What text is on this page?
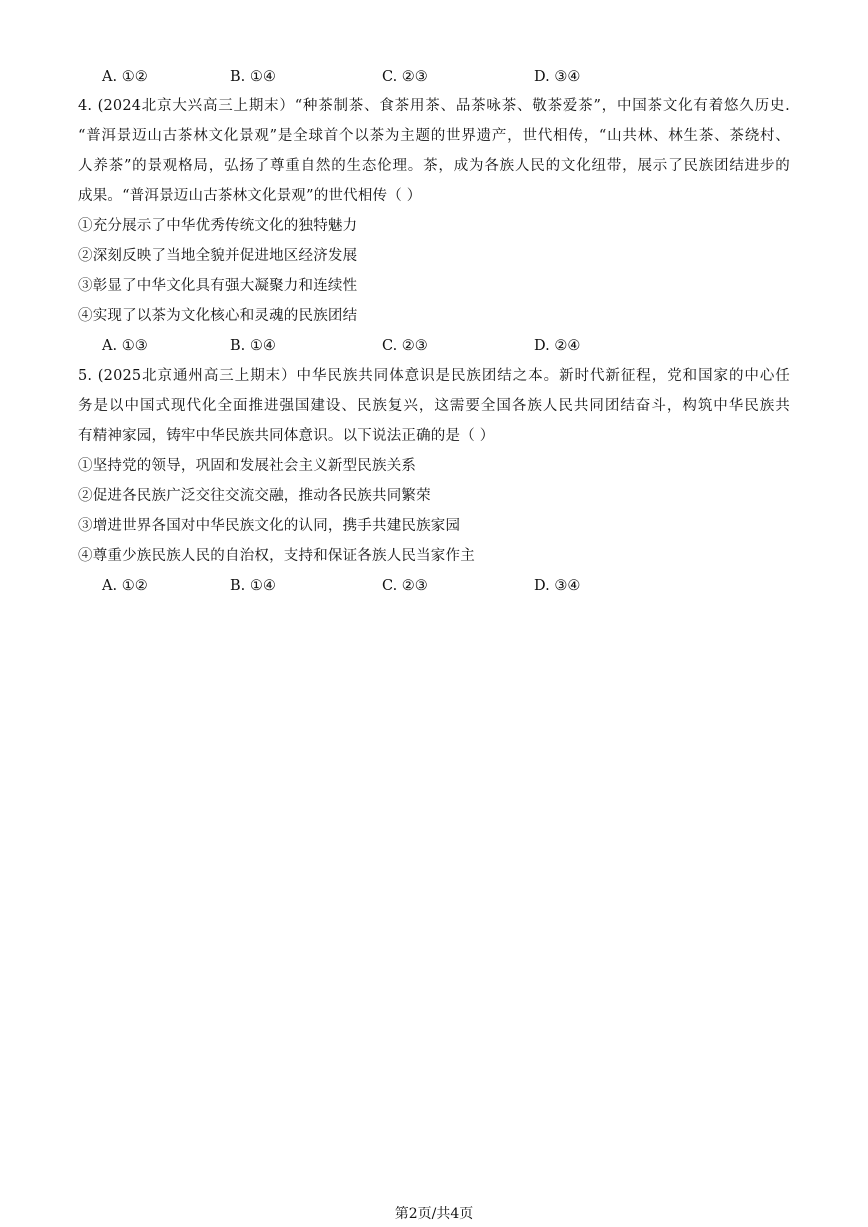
A. ①②	B. ①④	C. ②③	D. ③④
4. (2024北京大兴高三上期末）“种茶制茶、食茶用茶、品茶咏茶、敬茶爱茶”，中国茶文化有着悠久历史.
“普洱景迈山古茶林文化景观”是全球首个以茶为主题的世界遗产，世代相传，“山共林、林生茶、茶绕村、
人养茶”的景观格局，弘扬了尊重自然的生态伦理。茶，成为各族人民的文化纽带，展示了民族团结进步的
成果。“普洱景迈山古茶林文化景观”的世代相传（ ）
①充分展示了中华优秀传统文化的独特魅力
②深刻反映了当地全貌并促进地区经济发展
③彰显了中华文化具有强大凝聚力和连续性
④实现了以茶为文化核心和灵魂的民族团结
A. ①③	B. ①④	C. ②③	D. ②④
5. (2025北京通州高三上期末）中华民族共同体意识是民族团结之本。新时代新征程，党和国家的中心任
务是以中国式现代化全面推进强国建设、民族复兴，这需要全国各族人民共同团结奋斗，构筑中华民族共
有精神家园，铸牢中华民族共同体意识。以下说法正确的是（ ）
①坚持党的领导，巩固和发展社会主义新型民族关系
②促进各民族广泛交往交流交融，推动各民族共同繁荣
③增进世界各国对中华民族文化的认同，携手共建民族家园
④尊重少族民族人民的自治权，支持和保证各族人民当家作主
A. ①②	B. ①④	C. ②③	D. ③④
第2页/共4页
